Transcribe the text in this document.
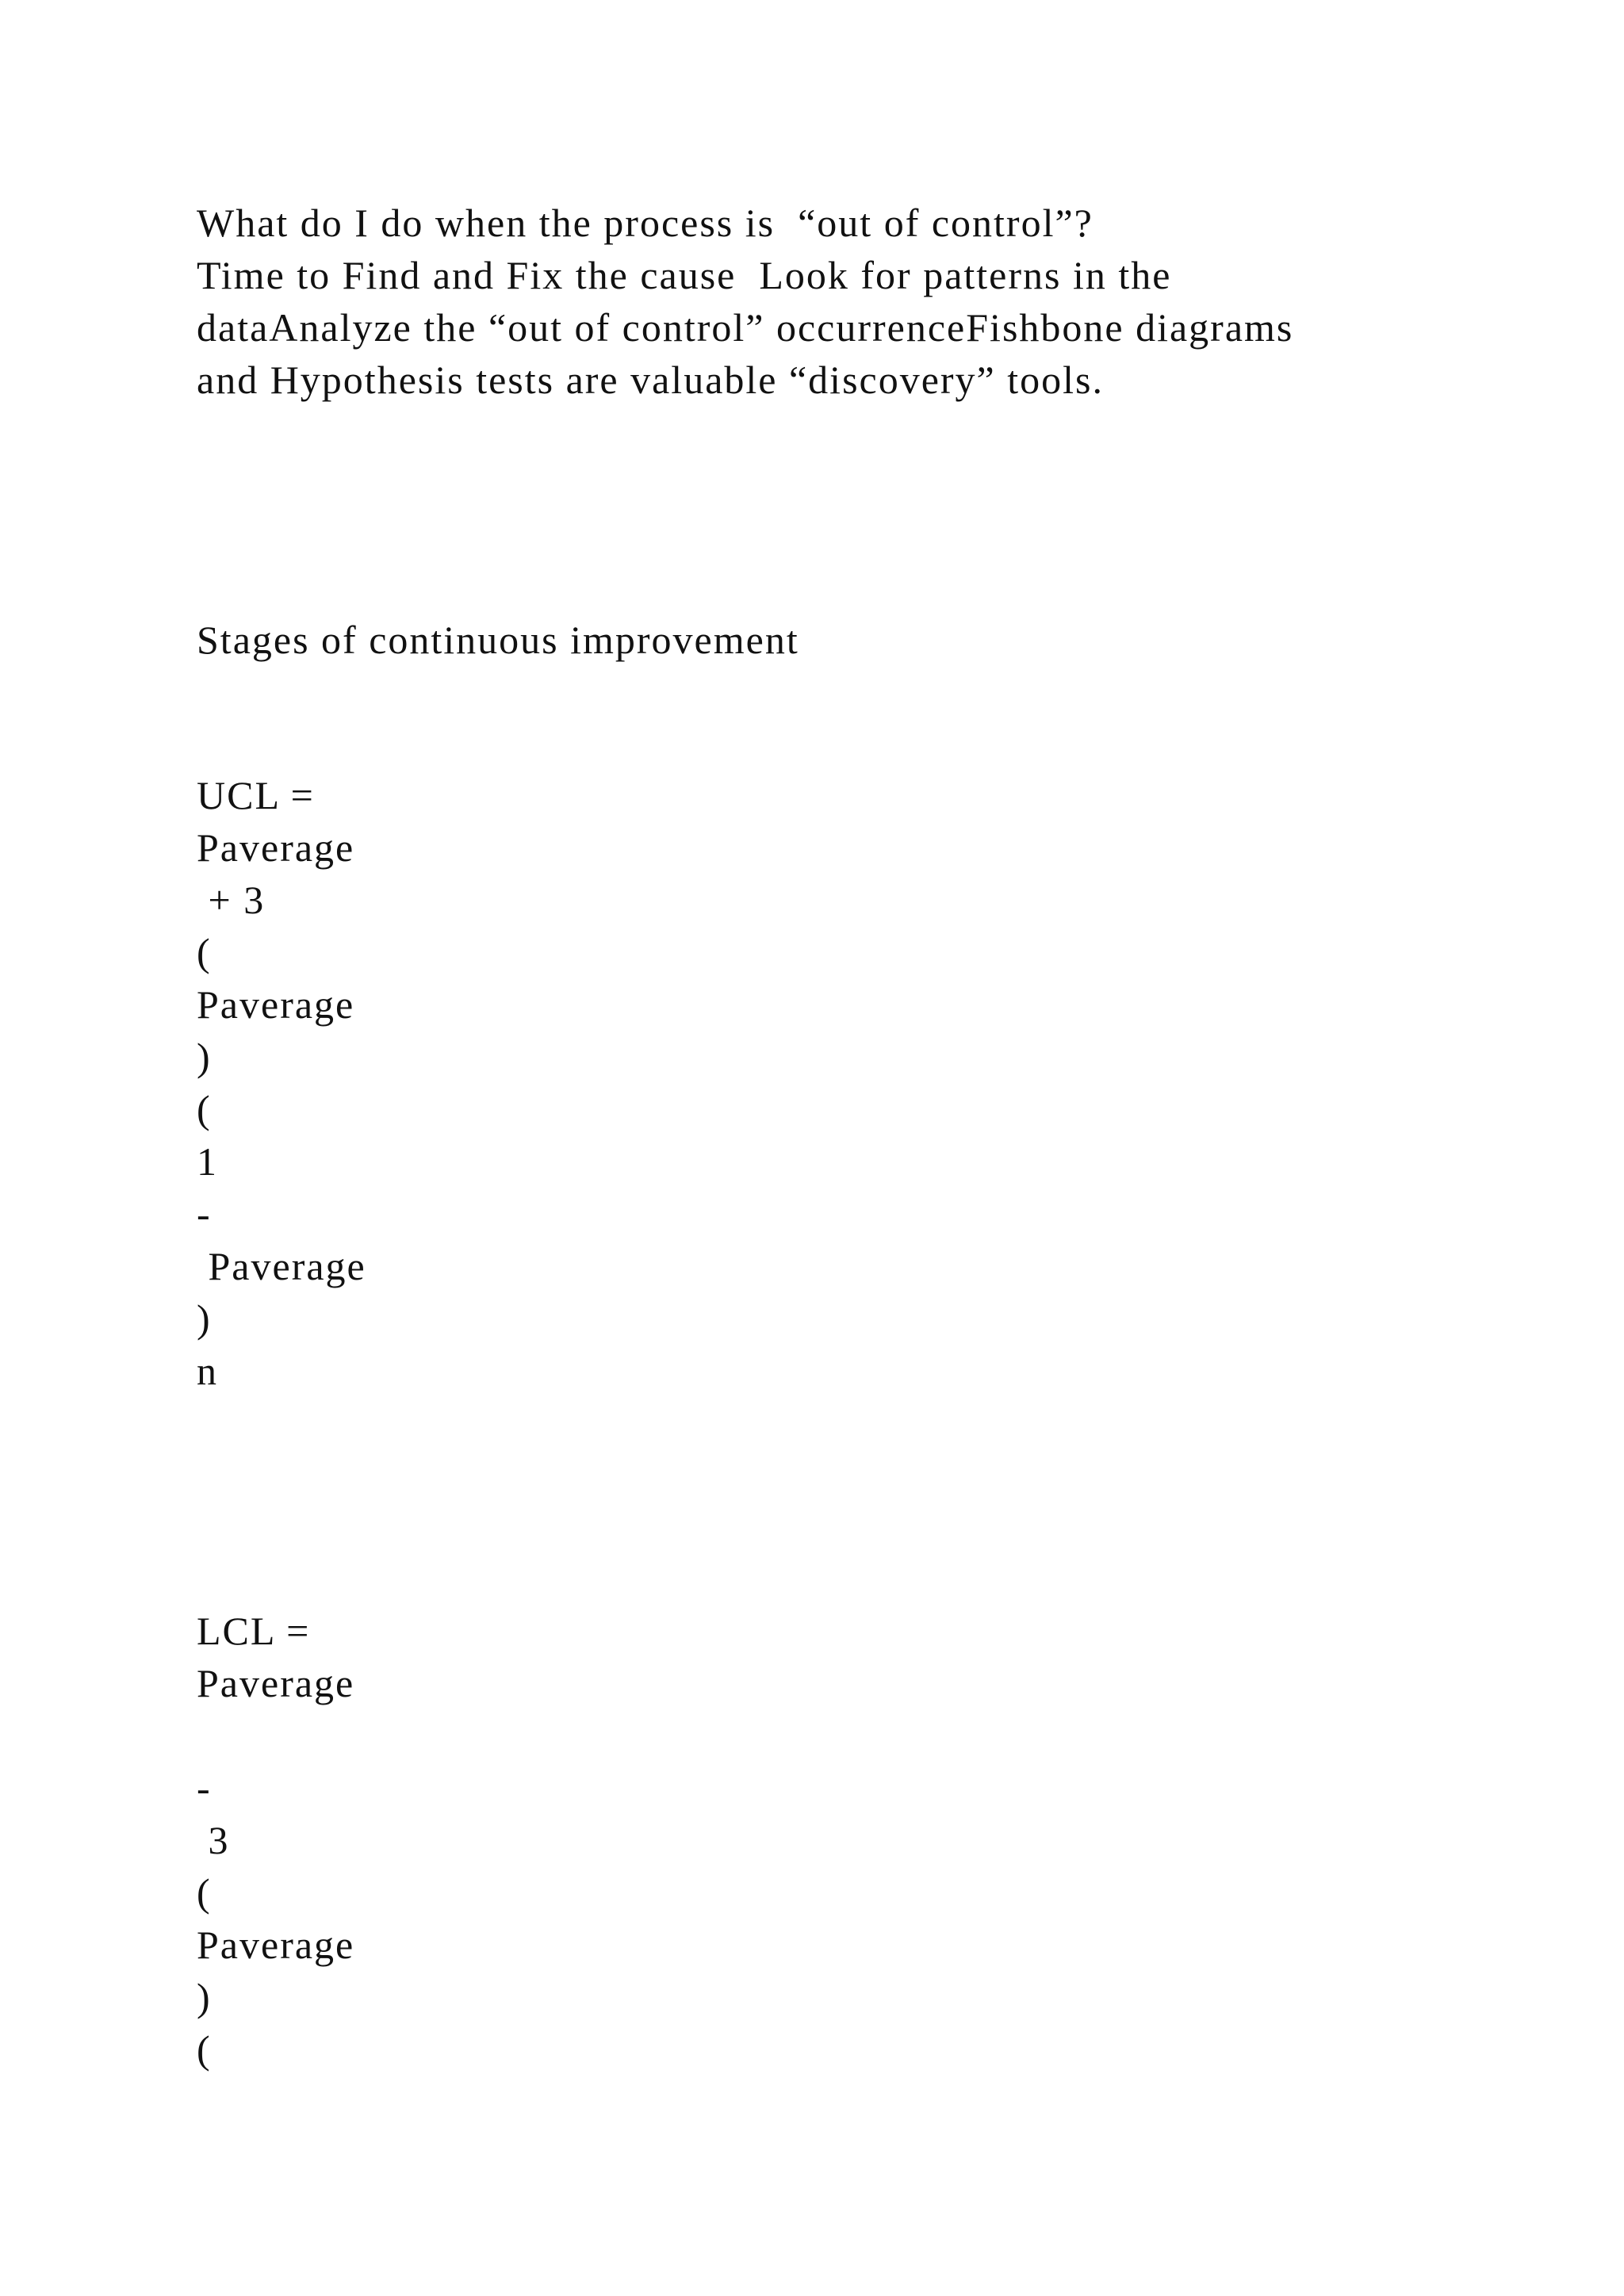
What do I do when the process is  “out of control”?
Time to Find and Fix the cause  Look for patterns in the
dataAnalyze the “out of control” occurrenceFishbone diagrams
and Hypothesis tests are valuable “discovery” tools.
Stages of continuous improvement
UCL =
Paverage
+ 3
(
Paverage
)
(
1
-
Paverage
)
n
LCL =
Paverage
-
3
(
Paverage
)
(
